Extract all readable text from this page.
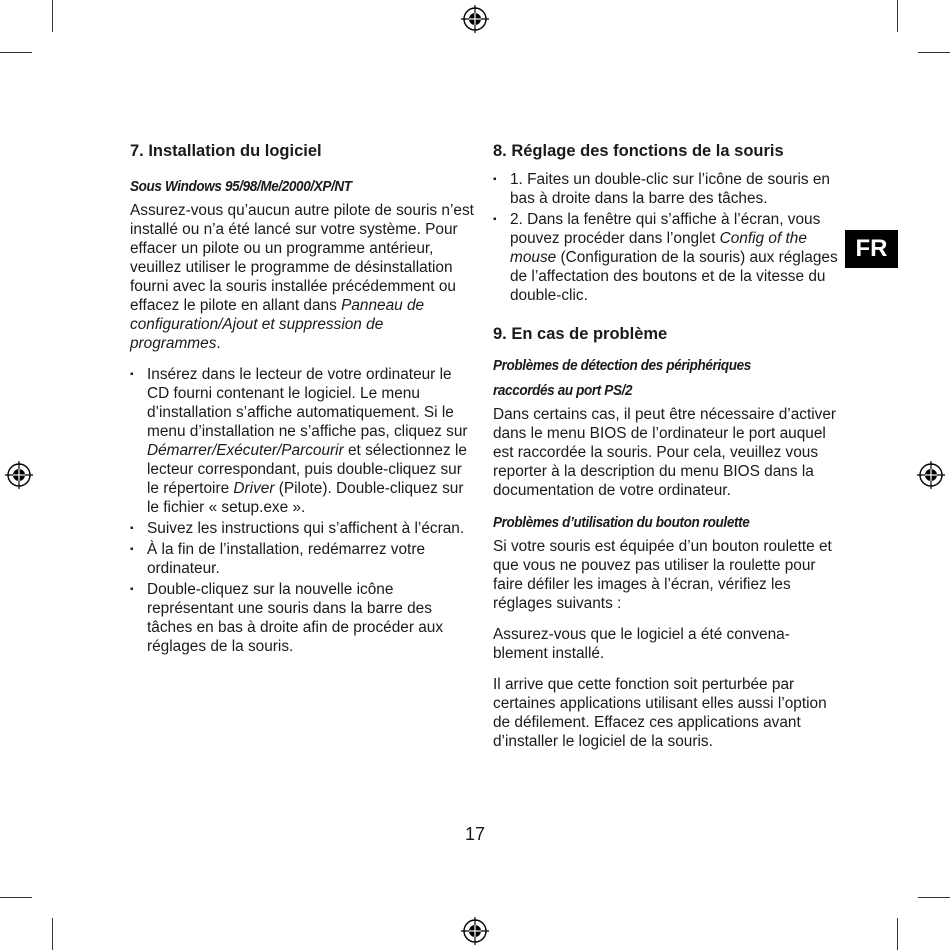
FR
7. Installation du logiciel
Sous Windows 95/98/Me/2000/XP/NT

Assurez-vous qu’aucun autre pilote de souris n’est installé ou n’a été lancé sur votre système. Pour effacer un pilote ou un programme antérieur, veuillez utiliser le programme de désinstallation fourni avec la souris installée précédemment ou effacez le pilote en allant dans Panneau de configuration/Ajout et suppression de programmes.

▪ Insérez dans le lecteur de votre ordinateur le CD fourni contenant le logiciel. Le menu d’installation s’affiche automatiquement. Si le menu d’installation ne s’affiche pas, cliquez sur Démarrer/Exécuter/Parcourir et sélectionnez le lecteur correspondant, puis double-cliquez sur le répertoire Driver (Pilote). Double-cliquez sur le fichier « setup.exe ».
▪ Suivez les instructions qui s’affichent à l’écran.
▪ À la fin de l’installation, redémarrez votre ordinateur.
▪ Double-cliquez sur la nouvelle icône représentant une souris dans la barre des tâches en bas à droite afin de procéder aux réglages de la souris.
8. Réglage des fonctions de la souris
▪ 1. Faites un double-clic sur l’icône de souris en bas à droite dans la barre des tâches.
▪ 2. Dans la fenêtre qui s’affiche à l’écran, vous pouvez procéder dans l’onglet Config of the mouse (Configuration de la souris) aux réglages de l’affectation des boutons et de la vitesse du double-clic.
9. En cas de problème
Problèmes de détection des périphériques
raccordés au port PS/2

Dans certains cas, il peut être nécessaire d’activer dans le menu BIOS de l’ordinateur le port auquel est raccordée la souris. Pour cela, veuillez vous reporter à la description du menu BIOS dans la documentation de votre ordinateur.

Problèmes d’utilisation du bouton roulette

Si votre souris est équipée d’un bouton roulette et que vous ne pouvez pas utiliser la roulette pour faire défiler les images à l’écran, vérifiez les réglages suivants :

Assurez-vous que le logiciel a été convenablement installé.

Il arrive que cette fonction soit perturbée par certaines applications utilisant elles aussi l’option de défilement. Effacez ces applications avant d’installer le logiciel de la souris.

17
